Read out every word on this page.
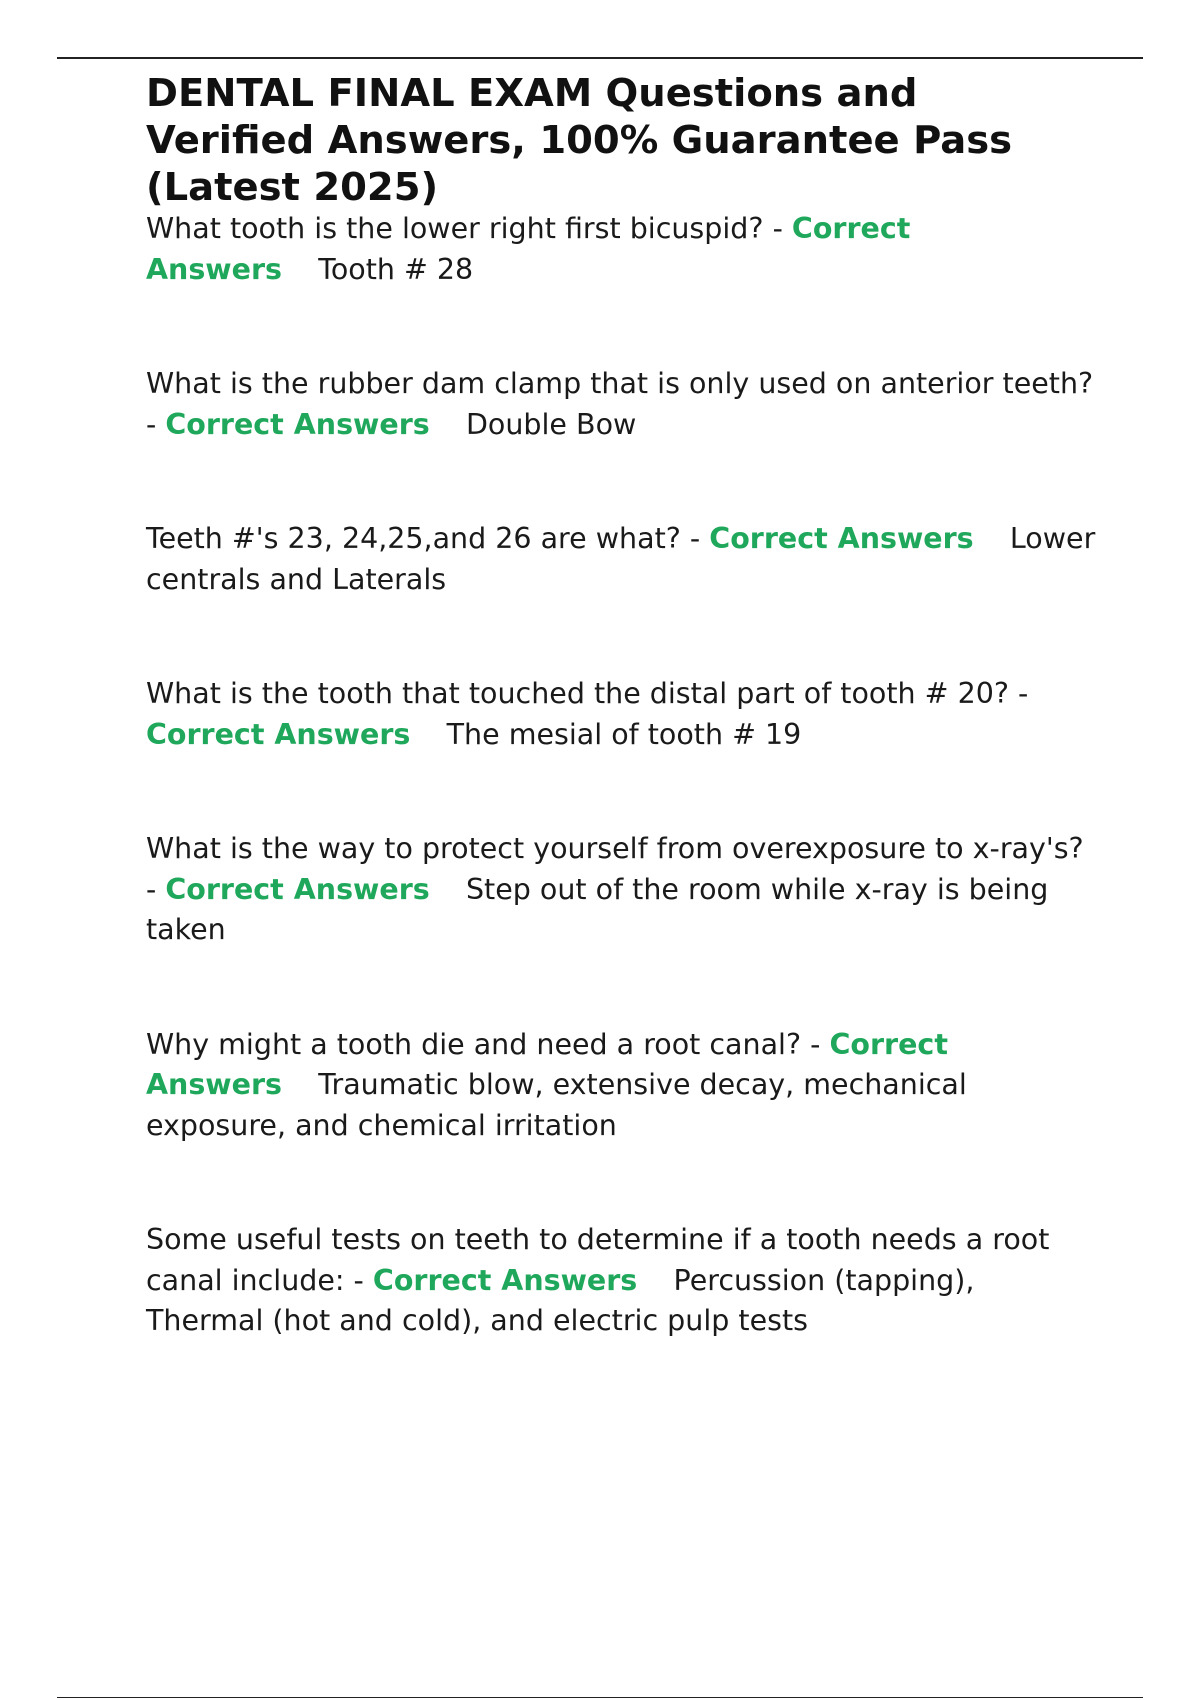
DENTAL FINAL EXAM Questions and Verified Answers, 100% Guarantee Pass (Latest 2025)

What tooth is the lower right first bicuspid? - Correct Answers Tooth # 28

What is the rubber dam clamp that is only used on anterior teeth? - Correct Answers Double Bow

Teeth #'s 23, 24,25,and 26 are what? - Correct Answers Lower centrals and Laterals

What is the tooth that touched the distal part of tooth # 20? - Correct Answers The mesial of tooth # 19

What is the way to protect yourself from overexposure to x-ray's? - Correct Answers Step out of the room while x-ray is being taken

Why might a tooth die and need a root canal? - Correct Answers Traumatic blow, extensive decay, mechanical exposure, and chemical irritation

Some useful tests on teeth to determine if a tooth needs a root canal include: - Correct Answers Percussion (tapping), Thermal (hot and cold), and electric pulp tests
